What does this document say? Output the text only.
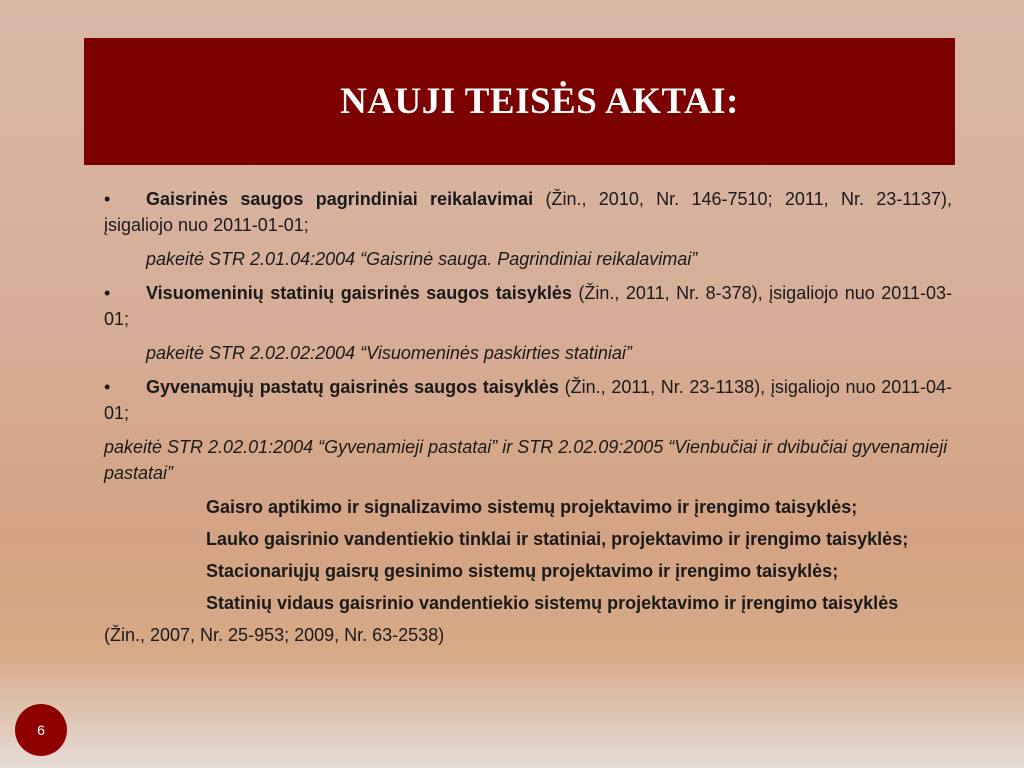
NAUJI TEISĖS AKTAI:

• Gaisrinės saugos pagrindiniai reikalavimai (Žin., 2010, Nr. 146-7510; 2011, Nr. 23-1137), įsigaliojo nuo 2011-01-01;

pakeitė STR 2.01.04:2004 “Gaisrinė sauga. Pagrindiniai reikalavimai”

• Visuomeninių statinių gaisrinės saugos taisyklės (Žin., 2011, Nr. 8-378), įsigaliojo nuo 2011-03-01;

pakeitė STR 2.02.02:2004 “Visuomeninės paskirties statiniai”

• Gyvenamųjų pastatų gaisrinės saugos taisyklės (Žin., 2011, Nr. 23-1138), įsigaliojo nuo 2011-04-01;

pakeitė STR 2.02.01:2004 “Gyvenamieji pastatai” ir STR 2.02.09:2005 “Vienbučiai ir dvibučiai gyvenamieji pastatai”

Gaisro aptikimo ir signalizavimo sistemų projektavimo ir įrengimo taisyklės;

Lauko gaisrinio vandentiekio tinklai ir statiniai, projektavimo ir įrengimo taisyklės;

Stacionariųjų gaisrų gesinimo sistemų projektavimo ir įrengimo taisyklės;

Statinių vidaus gaisrinio vandentiekio sistemų projektavimo ir įrengimo taisyklės

(Žin., 2007, Nr. 25-953; 2009, Nr. 63-2538)

6
